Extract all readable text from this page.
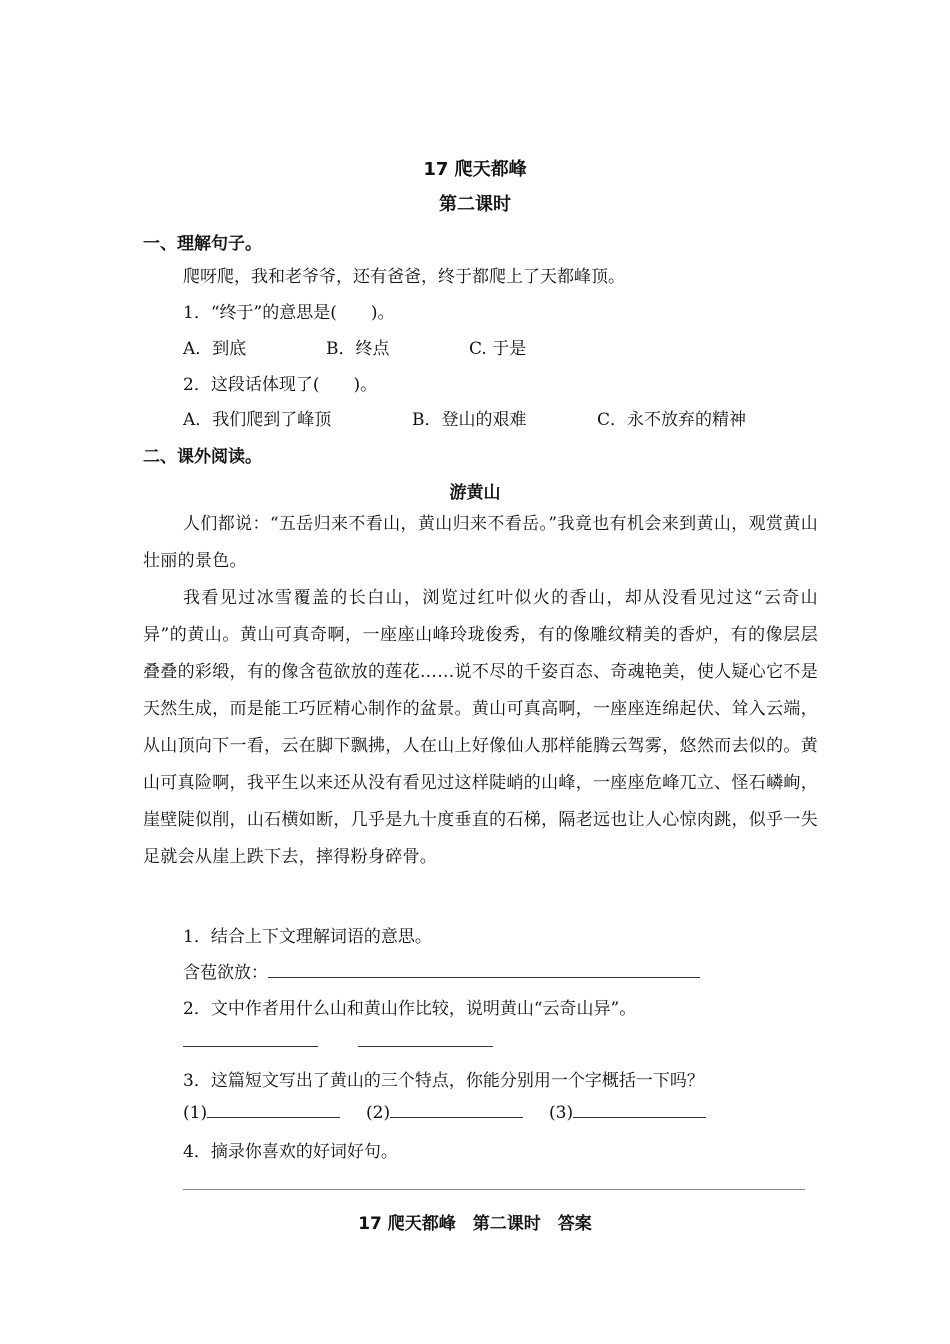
17 爬天都峰
第二课时
一、理解句子。
爬呀爬，我和老爷爷，还有爸爸，终于都爬上了天都峰顶。
1．“终于”的意思是(　　)。
A．到底	B．终点	C. 于是
2．这段话体现了(　　)。
A．我们爬到了峰顶	B．登山的艰难	C．永不放弃的精神
二、课外阅读。
游黄山
人们都说：“五岳归来不看山，黄山归来不看岳。”我竟也有机会来到黄山，观赏黄山壮丽的景色。
我看见过冰雪覆盖的长白山，浏览过红叶似火的香山，却从没看见过这“云奇山异”的黄山。黄山可真奇啊，一座座山峰玲珑俊秀，有的像雕纹精美的香炉，有的像层层叠叠的彩缎，有的像含苞欲放的莲花……说不尽的千姿百态、奇魂艳美，使人疑心它不是天然生成，而是能工巧匠精心制作的盆景。黄山可真高啊，一座座连绵起伏、耸入云端，从山顶向下一看，云在脚下飘拂，人在山上好像仙人那样能腾云驾雾，悠然而去似的。黄山可真险啊，我平生以来还从没有看见过这样陡峭的山峰，一座座危峰兀立、怪石嶙峋，崖壁陡似削，山石横如断，几乎是九十度垂直的石梯，隔老远也让人心惊肉跳，似乎一失足就会从崖上跌下去，摔得粉身碎骨。
1．结合上下文理解词语的意思。
含苞欲放：
2．文中作者用什么山和黄山作比较，说明黄山“云奇山异”。
3．这篇短文写出了黄山的三个特点，你能分别用一个字概括一下吗？
(1)	(2)	(3)
4．摘录你喜欢的好词好句。
17 爬天都峰　第二课时　答案
